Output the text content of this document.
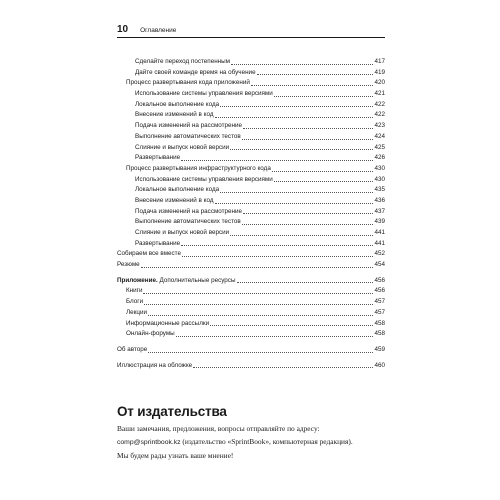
10 Оглавление
Сделайте переход постепенным	417
Дайте своей команде время на обучение	419
Процесс развертывания кода приложений	420
Использование системы управления версиями	421
Локальное выполнение кода	422
Внесение изменений в код	422
Подача изменений на рассмотрение	423
Выполнение автоматических тестов	424
Слияние и выпуск новой версии	425
Развертывание	426
Процесс развертывания инфраструктурного кода	430
Использование системы управления версиями	430
Локальное выполнение кода	435
Внесение изменений в код	436
Подача изменений на рассмотрение	437
Выполнение автоматических тестов	439
Слияние и выпуск новой версии	441
Развертывание	441
Собираем все вместе	452
Резюме	454
Приложение. Дополнительные ресурсы	456
Книги	456
Блоги	457
Лекции	457
Информационные рассылки	458
Онлайн-форумы	458
Об авторе	459
Иллюстрация на обложке	460
От издательства
Ваши замечания, предложения, вопросы отправляйте по адресу:
comp@sprintbook.kz (издательство «SprintBook», компьютерная редакция).
Мы будем рады узнать ваше мнение!
